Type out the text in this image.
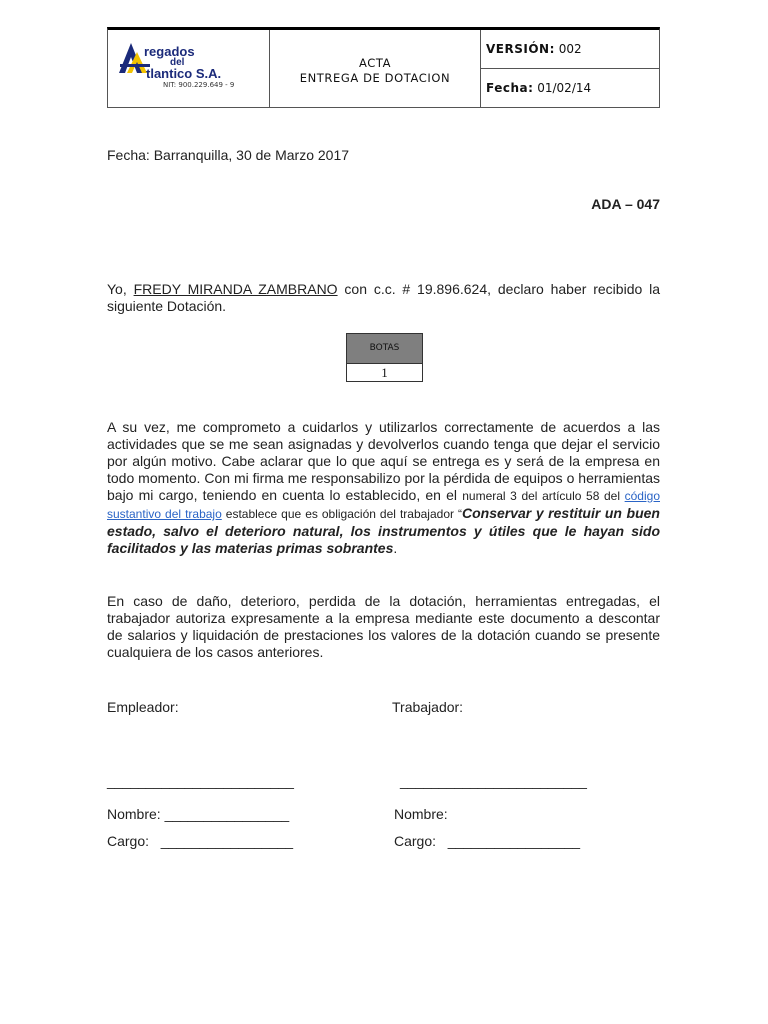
regados
del
tlantico S.A.
NIT: 900.229.649 - 9
ACTA
ENTREGA DE DOTACION
VERSIÓN: 002
Fecha: 01/02/14
Fecha: Barranquilla, 30 de Marzo 2017
ADA – 047
Yo, FREDY MIRANDA ZAMBRANO con c.c. # 19.896.624, declaro haber recibido la siguiente Dotación.
BOTAS
1
A su vez, me comprometo a cuidarlos y utilizarlos correctamente de acuerdos a las actividades que se me sean asignadas y devolverlos cuando tenga que dejar el servicio por algún motivo. Cabe aclarar que lo que aquí se entrega es y será de la empresa en todo momento. Con mi firma me responsabilizo por la pérdida de equipos o herramientas bajo mi cargo, teniendo en cuenta lo establecido, en el numeral 3 del artículo 58 del código sustantivo del trabajo establece que es obligación del trabajador “Conservar y restituir un buen estado, salvo el deterioro natural, los instrumentos y útiles que le hayan sido facilitados y las materias primas sobrantes.
En caso de daño, deterioro, perdida de la dotación, herramientas entregadas, el trabajador autoriza expresamente a la empresa mediante este documento a descontar de salarios y liquidación de prestaciones los valores de la dotación cuando se presente cualquiera de los casos anteriores.
Empleador:	Trabajador:
________________________	________________________
Nombre: ________________	Nombre:
Cargo:   _________________	Cargo:   _________________
